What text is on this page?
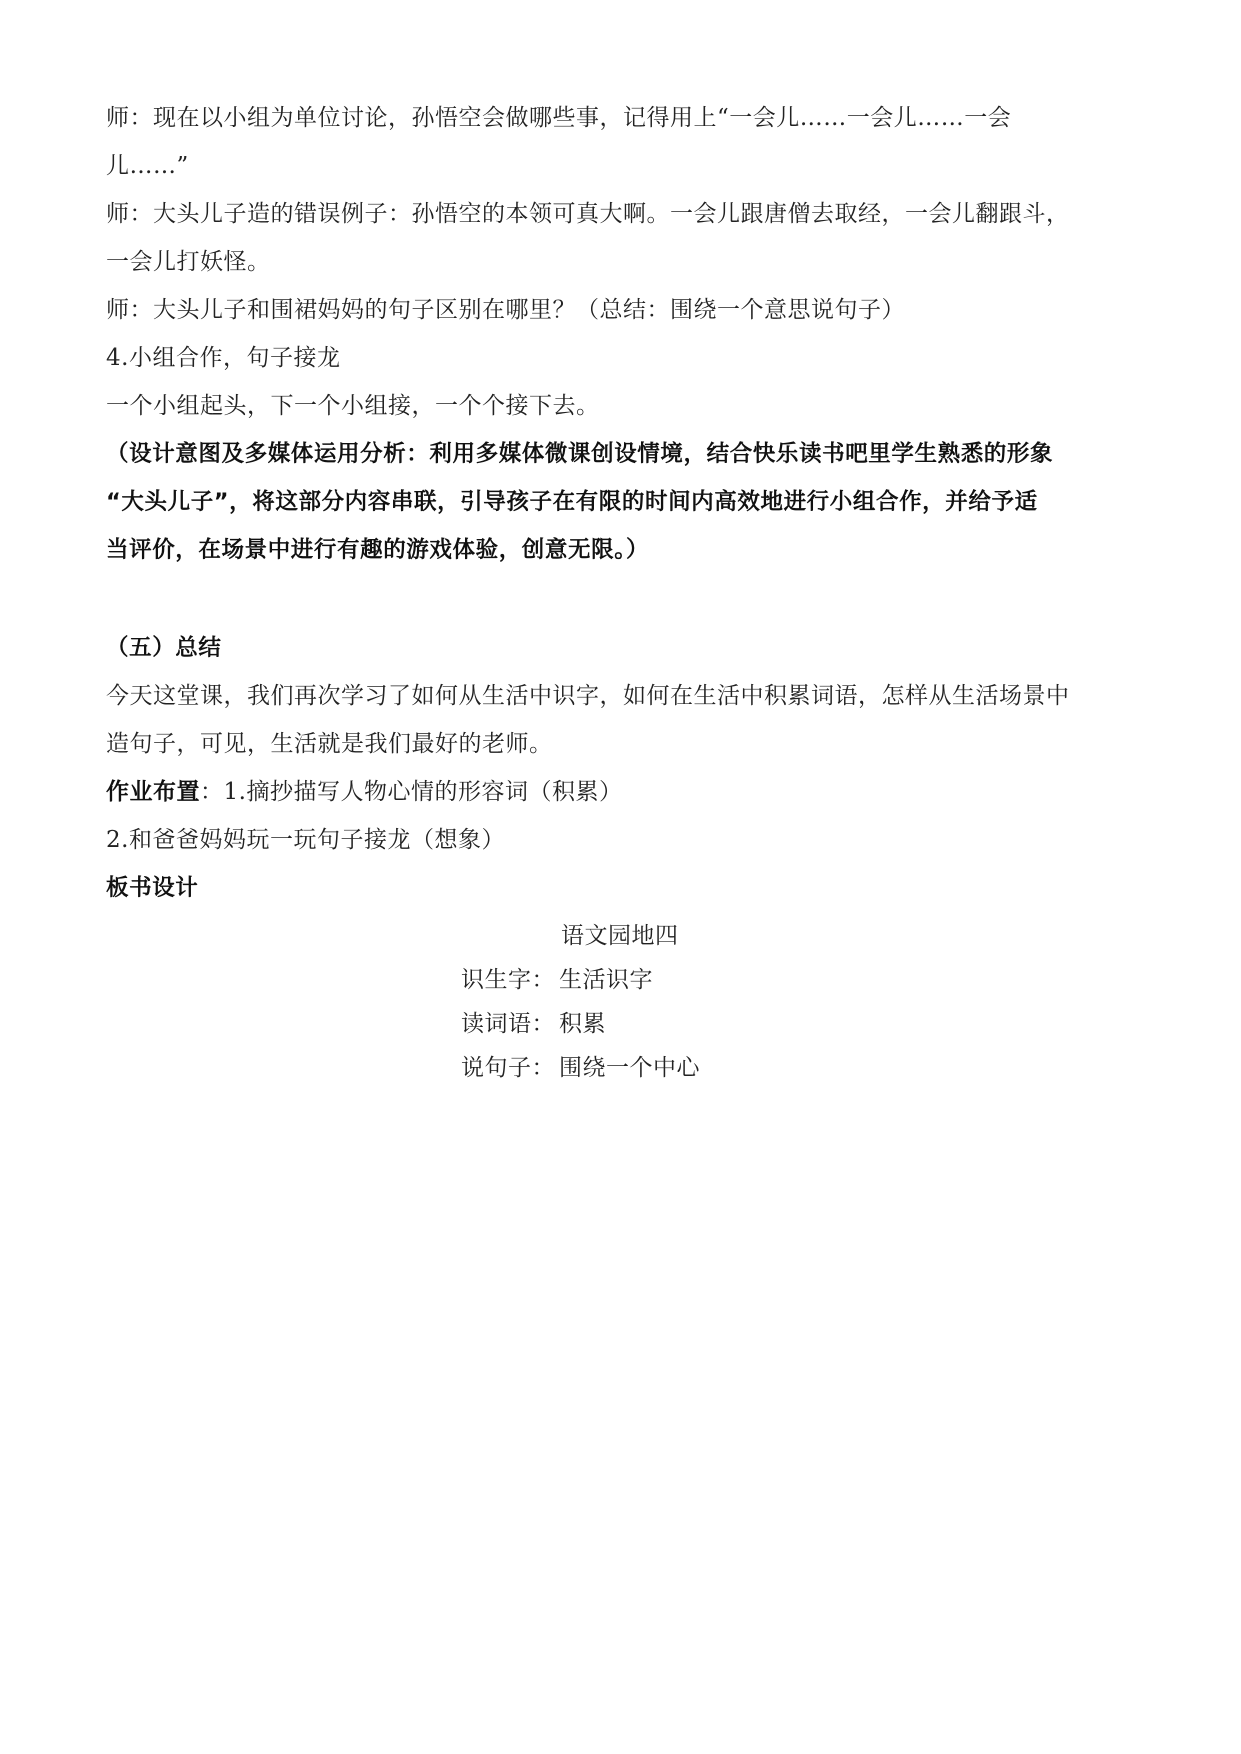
师：现在以小组为单位讨论，孙悟空会做哪些事，记得用上“一会儿……一会儿……一会

儿……”

师：大头儿子造的错误例子：孙悟空的本领可真大啊。一会儿跟唐僧去取经，一会儿翻跟斗，

一会儿打妖怪。

师：大头儿子和围裙妈妈的句子区别在哪里？（总结：围绕一个意思说句子）

4.小组合作，句子接龙

一个小组起头，下一个小组接，一个个接下去。

（设计意图及多媒体运用分析：利用多媒体微课创设情境，结合快乐读书吧里学生熟悉的形象

“大头儿子”，将这部分内容串联，引导孩子在有限的时间内高效地进行小组合作，并给予适

当评价，在场景中进行有趣的游戏体验，创意无限。）

（五）总结

今天这堂课，我们再次学习了如何从生活中识字，如何在生活中积累词语，怎样从生活场景中

造句子，可见，生活就是我们最好的老师。

作业布置：1.摘抄描写人物心情的形容词（积累）

2.和爸爸妈妈玩一玩句子接龙（想象）

板书设计

语文园地四
识生字： 生活识字
读词语： 积累
说句子： 围绕一个中心
